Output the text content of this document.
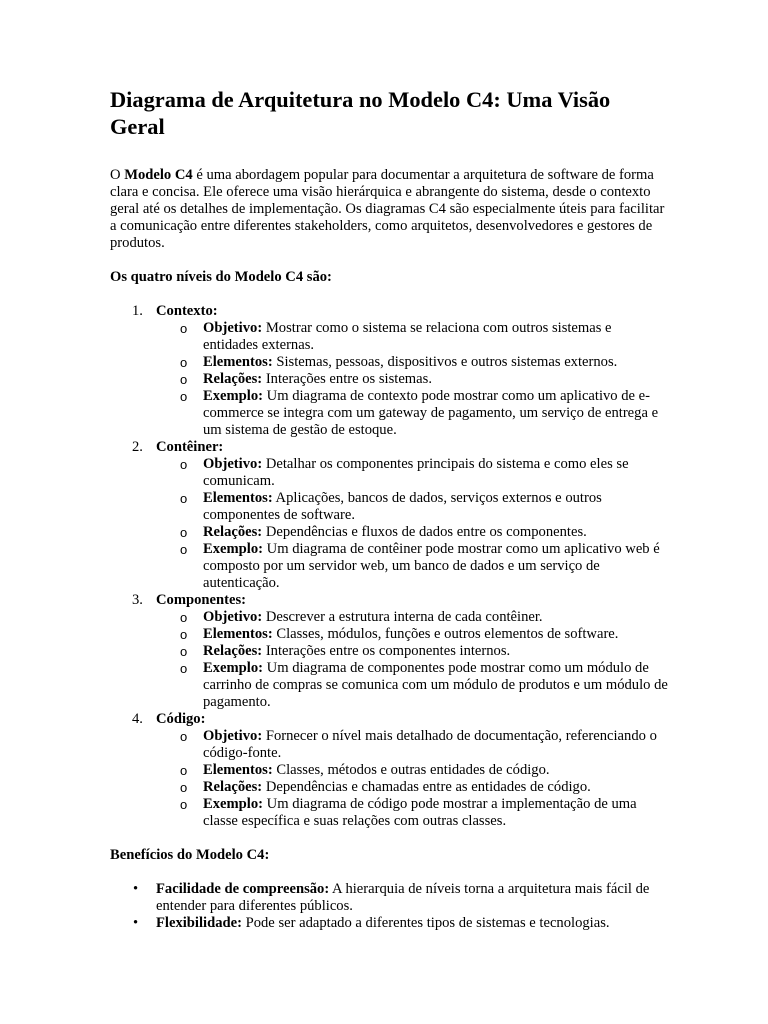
Diagrama de Arquitetura no Modelo C4: Uma Visão Geral

O Modelo C4 é uma abordagem popular para documentar a arquitetura de software de forma clara e concisa. Ele oferece uma visão hierárquica e abrangente do sistema, desde o contexto geral até os detalhes de implementação. Os diagramas C4 são especialmente úteis para facilitar a comunicação entre diferentes stakeholders, como arquitetos, desenvolvedores e gestores de produtos.

Os quatro níveis do Modelo C4 são:

1. Contexto:
o Objetivo: Mostrar como o sistema se relaciona com outros sistemas e entidades externas.
o Elementos: Sistemas, pessoas, dispositivos e outros sistemas externos.
o Relações: Interações entre os sistemas.
o Exemplo: Um diagrama de contexto pode mostrar como um aplicativo de e-commerce se integra com um gateway de pagamento, um serviço de entrega e um sistema de gestão de estoque.
2. Contêiner:
o Objetivo: Detalhar os componentes principais do sistema e como eles se comunicam.
o Elementos: Aplicações, bancos de dados, serviços externos e outros componentes de software.
o Relações: Dependências e fluxos de dados entre os componentes.
o Exemplo: Um diagrama de contêiner pode mostrar como um aplicativo web é composto por um servidor web, um banco de dados e um serviço de autenticação.
3. Componentes:
o Objetivo: Descrever a estrutura interna de cada contêiner.
o Elementos: Classes, módulos, funções e outros elementos de software.
o Relações: Interações entre os componentes internos.
o Exemplo: Um diagrama de componentes pode mostrar como um módulo de carrinho de compras se comunica com um módulo de produtos e um módulo de pagamento.
4. Código:
o Objetivo: Fornecer o nível mais detalhado de documentação, referenciando o código-fonte.
o Elementos: Classes, métodos e outras entidades de código.
o Relações: Dependências e chamadas entre as entidades de código.
o Exemplo: Um diagrama de código pode mostrar a implementação de uma classe específica e suas relações com outras classes.

Benefícios do Modelo C4:

• Facilidade de compreensão: A hierarquia de níveis torna a arquitetura mais fácil de entender para diferentes públicos.
• Flexibilidade: Pode ser adaptado a diferentes tipos de sistemas e tecnologias.
